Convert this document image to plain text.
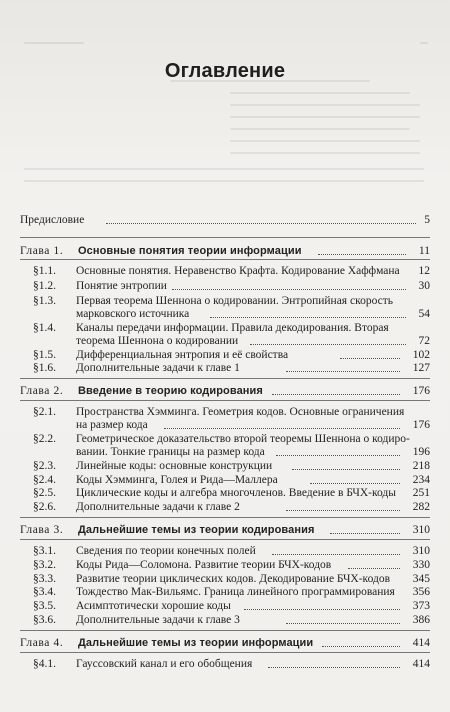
Оглавление
Предисловие	5
Глава 1. Основные понятия теории информации	11
§1.1. Основные понятия. Неравенство Крафта. Кодирование Хаффмана 12
§1.2. Понятие энтропии	30
§1.3. Первая теорема Шеннона о кодировании. Энтропийная скорость
марковского источника	54
§1.4. Каналы передачи информации. Правила декодирования. Вторая
теорема Шеннона о кодировании	72
§1.5. Дифференциальная энтропия и её свойства	102
§1.6. Дополнительные задачи к главе 1	127
Глава 2. Введение в теорию кодирования	176
§2.1. Пространства Хэмминга. Геометрия кодов. Основные ограничения
на размер кода	176
§2.2. Геометрическое доказательство второй теоремы Шеннона о кодиро-
вании. Тонкие границы на размер кода	196
§2.3. Линейные коды: основные конструкции	218
§2.4. Коды Хэмминга, Голея и Рида—Маллера	234
§2.5. Циклические коды и алгебра многочленов. Введение в БЧХ-коды 251
§2.6. Дополнительные задачи к главе 2	282
Глава 3. Дальнейшие темы из теории кодирования	310
§3.1. Сведения по теории конечных полей	310
§3.2. Коды Рида—Соломона. Развитие теории БЧХ-кодов	330
§3.3. Развитие теории циклических кодов. Декодирование БЧХ-кодов 345
§3.4. Тождество Мак-Вильямс. Граница линейного программирования 356
§3.5. Асимптотически хорошие коды	373
§3.6. Дополнительные задачи к главе 3	386
Глава 4. Дальнейшие темы из теории информации	414
§4.1. Гауссовский канал и его обобщения	414
